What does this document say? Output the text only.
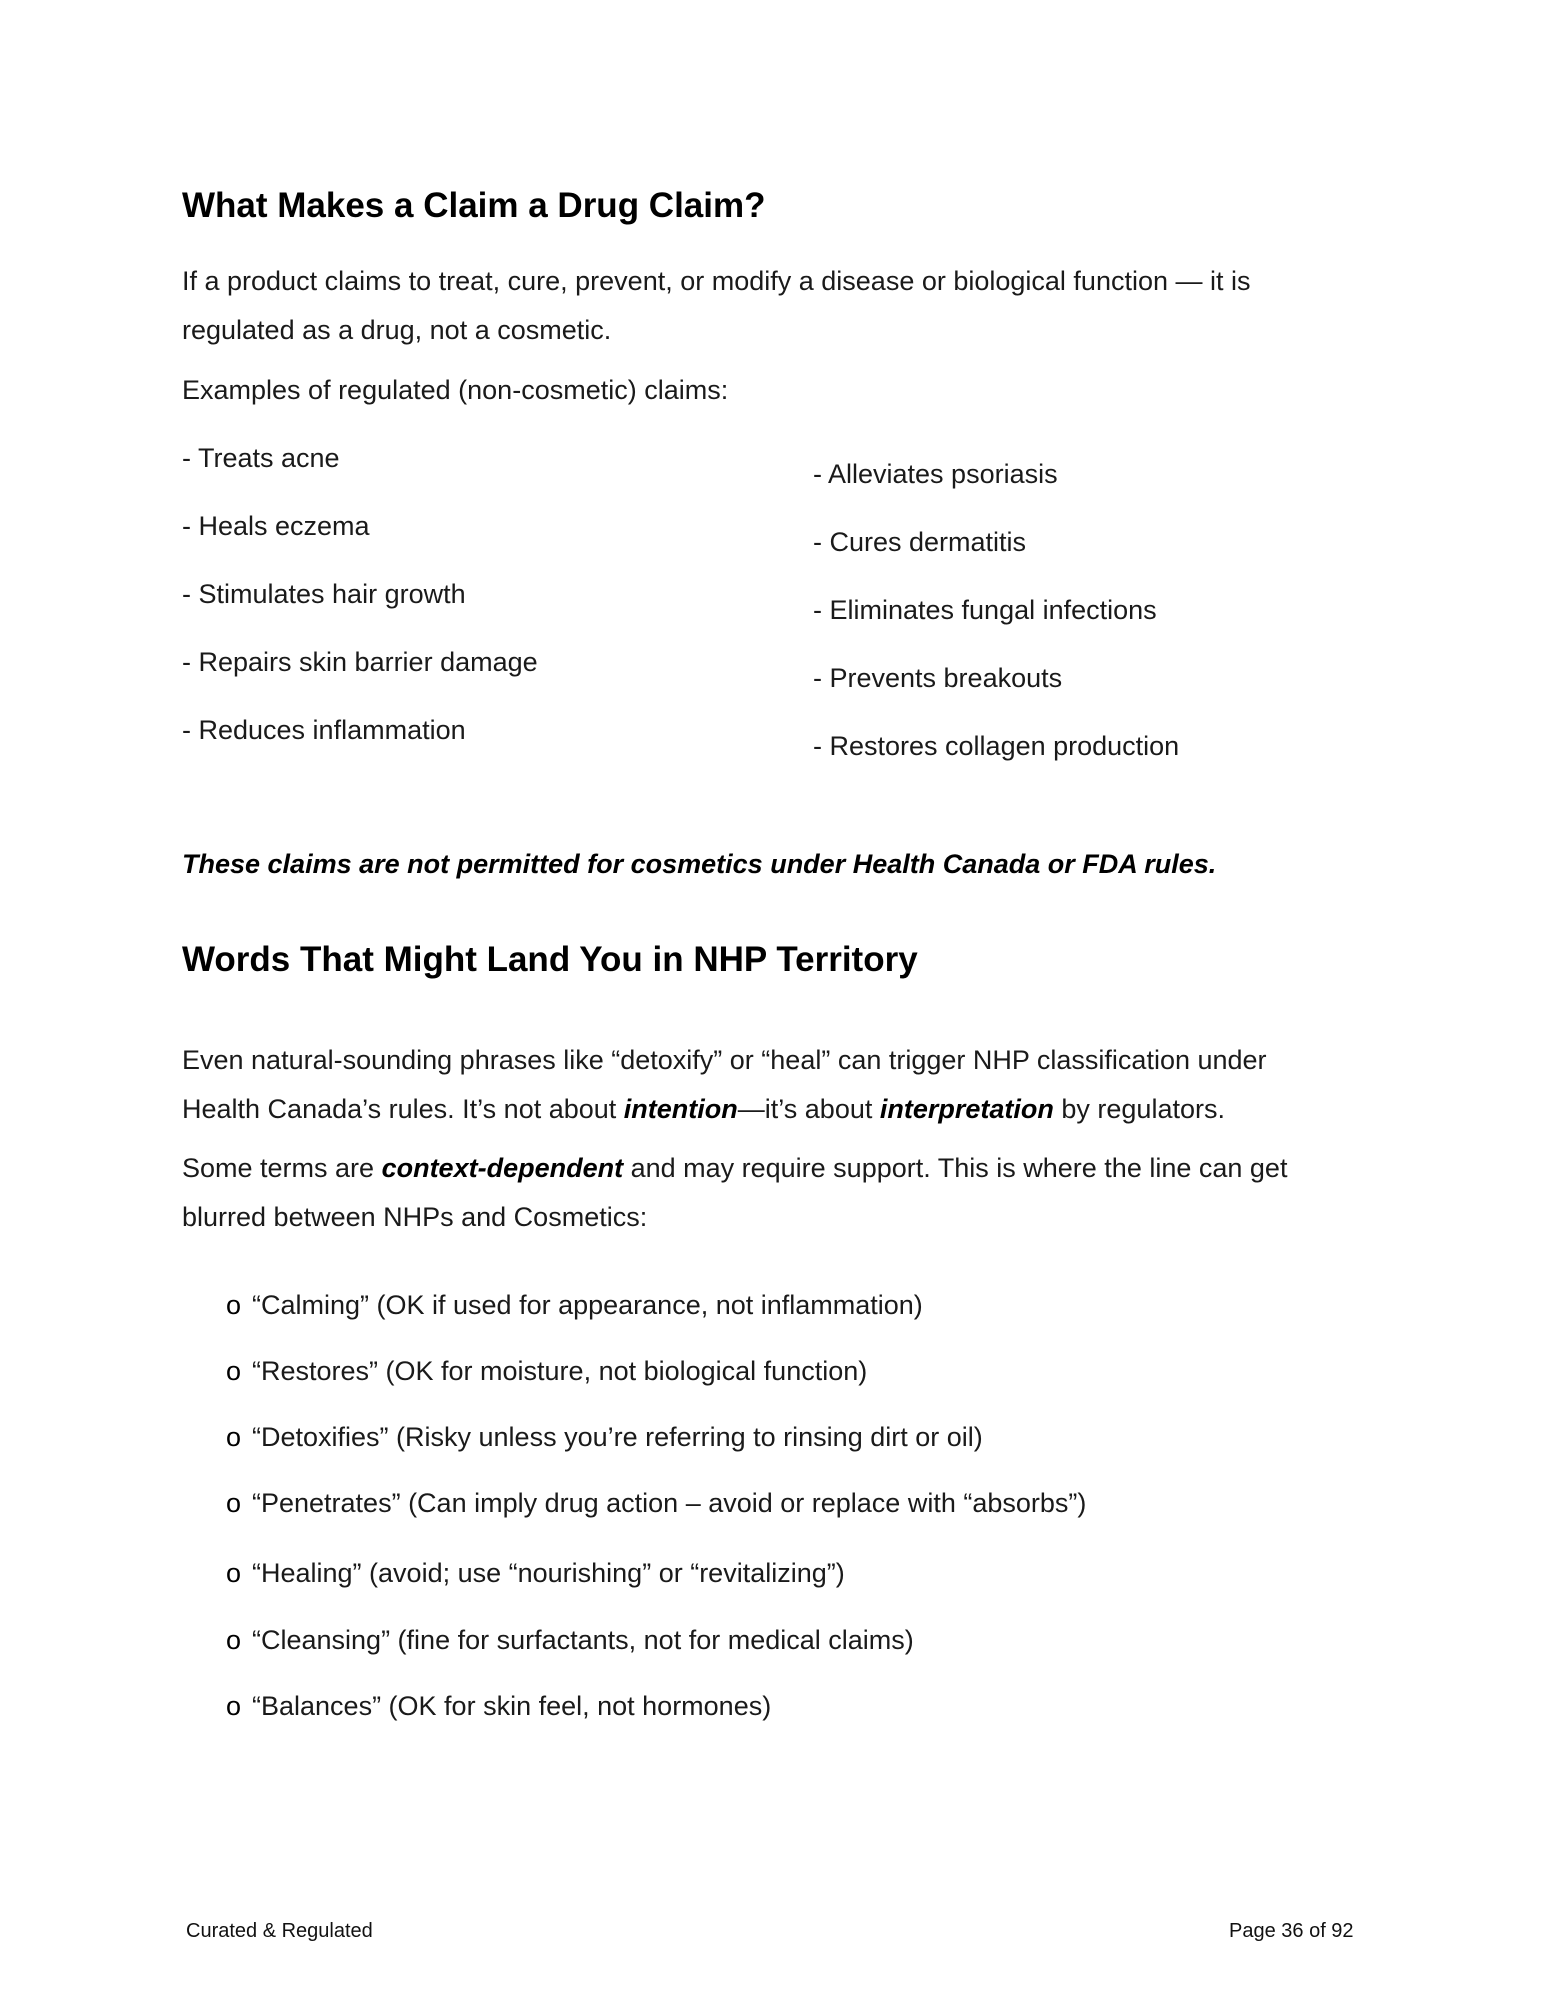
What Makes a Claim a Drug Claim?

If a product claims to treat, cure, prevent, or modify a disease or biological function — it is

regulated as a drug, not a cosmetic.

Examples of regulated (non-cosmetic) claims:

- Treats acne

- Heals eczema

- Stimulates hair growth

- Repairs skin barrier damage

- Reduces inflammation

- Alleviates psoriasis

- Cures dermatitis

- Eliminates fungal infections

- Prevents breakouts

- Restores collagen production

These claims are not permitted for cosmetics under Health Canada or FDA rules.

Words That Might Land You in NHP Territory

Even natural-sounding phrases like “detoxify” or “heal” can trigger NHP classification under

Health Canada’s rules. It’s not about intention—it’s about interpretation by regulators.

Some terms are context-dependent and may require support. This is where the line can get

blurred between NHPs and Cosmetics:

o “Calming” (OK if used for appearance, not inflammation)

o “Restores” (OK for moisture, not biological function)

o “Detoxifies” (Risky unless you’re referring to rinsing dirt or oil)

o “Penetrates” (Can imply drug action – avoid or replace with “absorbs”)

o “Healing” (avoid; use “nourishing” or “revitalizing”)

o “Cleansing” (fine for surfactants, not for medical claims)

o “Balances” (OK for skin feel, not hormones)

Curated & Regulated	Page 36 of 92
